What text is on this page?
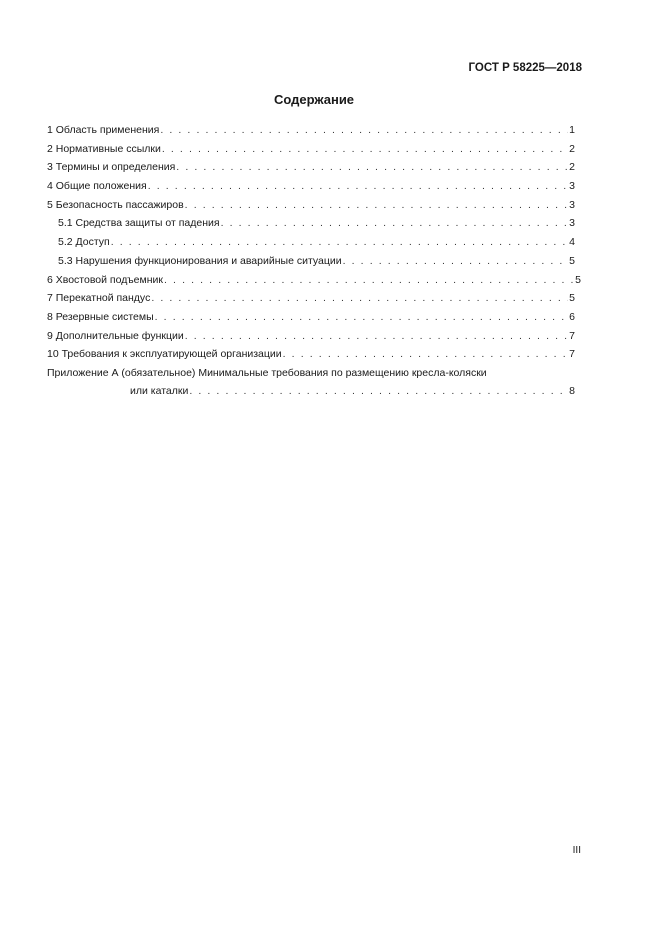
ГОСТ Р 58225—2018
Содержание
1 Область применения . . .	1
2 Нормативные ссылки . . .	2
3 Термины и определения . . .	2
4 Общие положения . . .	3
5 Безопасность пассажиров . . .	3
5.1 Средства защиты от падения . . .	3
5.2 Доступ . . .	4
5.3 Нарушения функционирования и аварийные ситуации . . .	5
6 Хвостовой подъемник . . .	5
7 Перекатной пандус . . .	5
8 Резервные системы . . .	6
9 Дополнительные функции . . .	7
10 Требования к эксплуатирующей организации . . .	7
Приложение А (обязательное) Минимальные требования по размещению кресла-коляски
или каталки . . .	8
III
